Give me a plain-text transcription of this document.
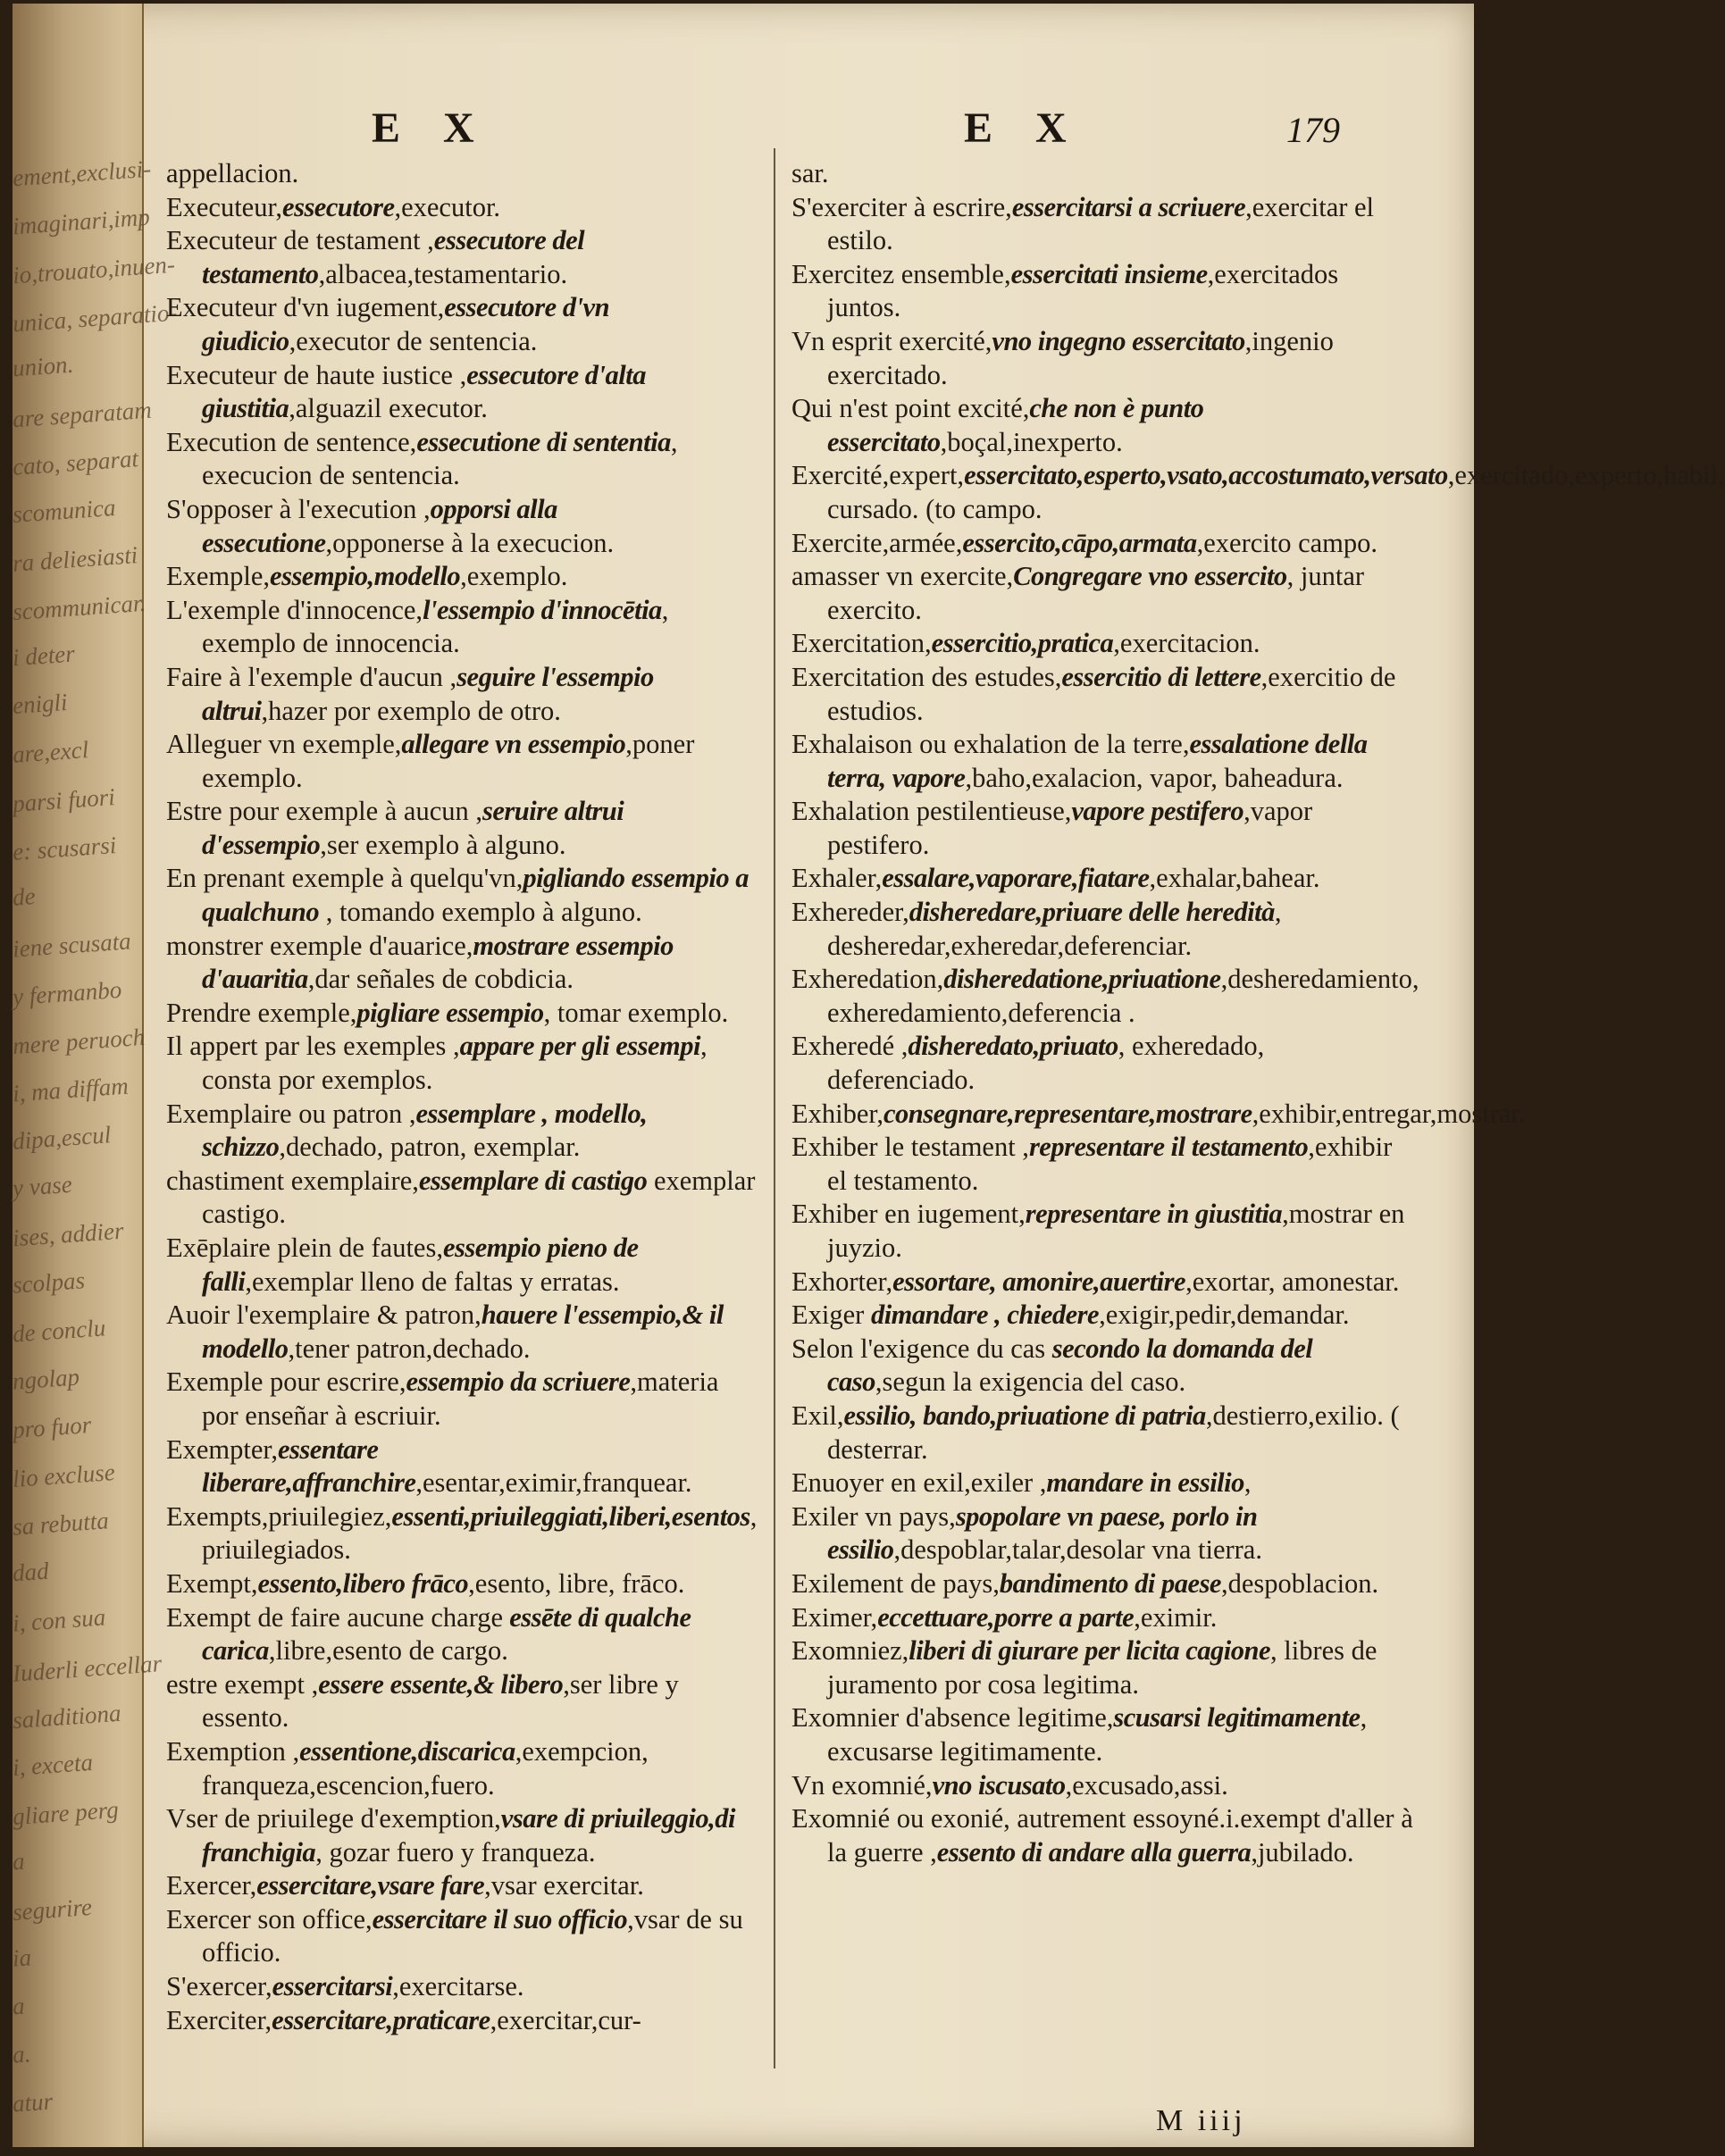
ement,exclusi-
imaginari,imp
io,trouato,inuen-
unica, separatio-
union.
are separatam
cato, separat
scomunica
ra deliesiasti
scommunicar.
i deter
enigli
are,excl
parsi fuori
e: scusarsi
de
iene scusata
y fermanbo
mere peruoch
i, ma diffam
dipa,escul
y vase
ises, addier
scolpas
de conclu
ngolap
pro fuor
lio excluse
sa rebutta
dad
i, con sua
Iuderli eccellar
saladitiona
i, exceta
gliare perg
a
segurire
ia
a
a.
atur
E X	E X	179

appellacion.

Executeur,essecutore,executor.

Executeur de testament ,essecutore del testamento,albacea,testamentario.

Executeur d'vn iugement,essecutore d'vn giudicio,executor de sentencia.

Executeur de haute iustice ,essecutore d'alta giustitia,alguazil executor.

Execution de sentence,essecutione di sententia, execucion de sentencia.

S'opposer à l'execution ,opporsi alla essecutione,opponerse à la execucion.

Exemple,essempio,modello,exemplo.

L'exemple d'innocence,l'essempio d'innocētia, exemplo de innocencia.

Faire à l'exemple d'aucun ,seguire l'essempio altrui,hazer por exemplo de otro.

Alleguer vn exemple,allegare vn essempio,poner exemplo.

Estre pour exemple à aucun ,seruire altrui d'essempio,ser exemplo à alguno.

En prenant exemple à quelqu'vn,pigliando essempio a qualchuno , tomando exemplo à alguno.

monstrer exemple d'auarice,mostrare essempio d'auaritia,dar señales de cobdicia.

Prendre exemple,pigliare essempio, tomar exemplo.

Il appert par les exemples ,appare per gli essempi, consta por exemplos.

Exemplaire ou patron ,essemplare , modello, schizzo,dechado, patron, exemplar.

chastiment exemplaire,essemplare di castigo exemplar castigo.

Exēplaire plein de fautes,essempio pieno de falli,exemplar lleno de faltas y erratas.

Auoir l'exemplaire & patron,hauere l'essempio,& il modello,tener patron,dechado.

Exemple pour escrire,essempio da scriuere,materia por enseñar à escriuir.

Exempter,essentare liberare,affranchire,esentar,eximir,franquear.

Exempts,priuilegiez,essenti,priuileggiati,liberi,esentos, priuilegiados.

Exempt,essento,libero frāco,esento, libre, frāco.

Exempt de faire aucune charge essēte di qualche carica,libre,esento de cargo.

estre exempt ,essere essente,& libero,ser libre y essento.

Exemption ,essentione,discarica,exempcion, franqueza,escencion,fuero.

Vser de priuilege d'exemption,vsare di priuileggio,di franchigia, gozar fuero y franqueza.

Exercer,essercitare,vsare fare,vsar exercitar.

Exercer son office,essercitare il suo officio,vsar de su officio.

S'exercer,essercitarsi,exercitarse.

Exerciter,essercitare,praticare,exercitar,cur-

sar.

S'exerciter à escrire,essercitarsi a scriuere,exercitar el estilo.

Exercitez ensemble,essercitati insieme,exercitados juntos.

Vn esprit exercité,vno ingegno essercitato,ingenio exercitado.

Qui n'est point excité,che non è punto essercitato,boçal,inexperto.

Exercité,expert,essercitato,esperto,vsato,accostumato,versato,exercitado,experto,habil, cursado. (to campo.

Exercite,armée,essercito,cāpo,armata,exercito campo.

amasser vn exercite,Congregare vno essercito, juntar exercito.

Exercitation,essercitio,pratica,exercitacion.

Exercitation des estudes,essercitio di lettere,exercitio de estudios.

Exhalaison ou exhalation de la terre,essalatione della terra, vapore,baho,exalacion, vapor, baheadura.

Exhalation pestilentieuse,vapore pestifero,vapor pestifero.

Exhaler,essalare,vaporare,fiatare,exhalar,bahear.

Exhereder,disheredare,priuare delle heredità, desheredar,exheredar,deferenciar.

Exheredation,disheredatione,priuatione,desheredamiento, exheredamiento,deferencia .

Exheredé ,disheredato,priuato, exheredado, deferenciado.

Exhiber,consegnare,representare,mostrare,exhibir,entregar,mostrar.

Exhiber le testament ,representare il testamento,exhibir el testamento.

Exhiber en iugement,representare in giustitia,mostrar en juyzio.

Exhorter,essortare, amonire,auertire,exortar, amonestar.

Exiger dimandare , chiedere,exigir,pedir,demandar.

Selon l'exigence du cas secondo la domanda del caso,segun la exigencia del caso.

Exil,essilio, bando,priuatione di patria,destierro,exilio. ( desterrar.

Enuoyer en exil,exiler ,mandare in essilio,

Exiler vn pays,spopolare vn paese, porlo in essilio,despoblar,talar,desolar vna tierra.

Exilement de pays,bandimento di paese,despoblacion.

Eximer,eccettuare,porre a parte,eximir.

Exomniez,liberi di giurare per licita cagione, libres de juramento por cosa legitima.

Exomnier d'absence legitime,scusarsi legitimamente, excusarse legitimamente.

Vn exomnié,vno iscusato,excusado,assi.

Exomnié ou exonié, autrement essoyné.i.exempt d'aller à la guerre ,essento di andare alla guerra,jubilado.

M iiij
